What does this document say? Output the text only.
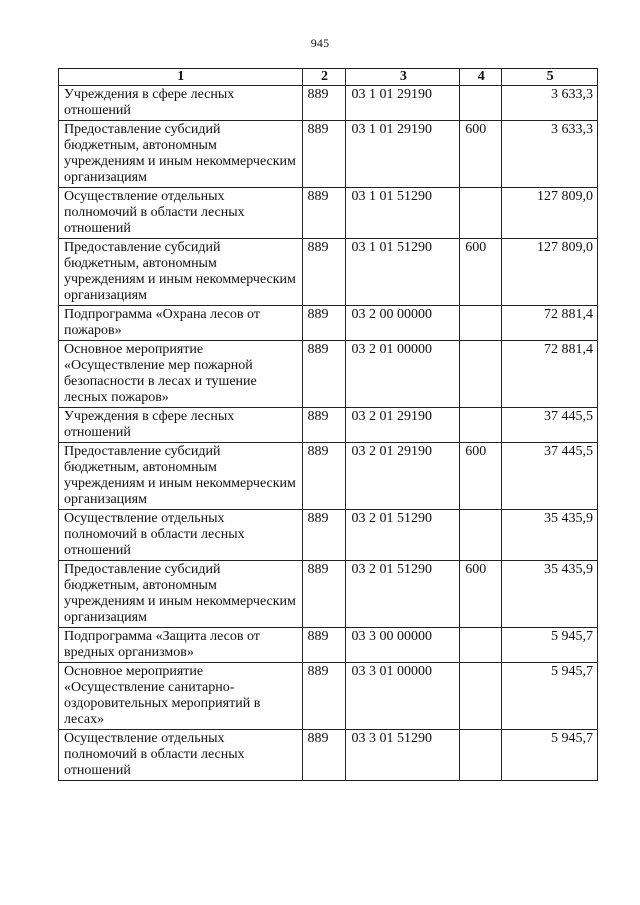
945
1	2	3	4	5
Учреждения в сфере лесных отношений	889	03 1 01 29190		3 633,3
Предоставление субсидий бюджетным, автономным учреждениям и иным некоммерческим организациям	889	03 1 01 29190	600	3 633,3
Осуществление отдельных полномочий в области лесных отношений	889	03 1 01 51290		127 809,0
Предоставление субсидий бюджетным, автономным учреждениям и иным некоммерческим организациям	889	03 1 01 51290	600	127 809,0
Подпрограмма «Охрана лесов от пожаров»	889	03 2 00 00000		72 881,4
Основное мероприятие «Осуществление мер пожарной безопасности в лесах и тушение лесных пожаров»	889	03 2 01 00000		72 881,4
Учреждения в сфере лесных отношений	889	03 2 01 29190		37 445,5
Предоставление субсидий бюджетным, автономным учреждениям и иным некоммерческим организациям	889	03 2 01 29190	600	37 445,5
Осуществление отдельных полномочий в области лесных отношений	889	03 2 01 51290		35 435,9
Предоставление субсидий бюджетным, автономным учреждениям и иным некоммерческим организациям	889	03 2 01 51290	600	35 435,9
Подпрограмма «Защита лесов от вредных организмов»	889	03 3 00 00000		5 945,7
Основное мероприятие «Осуществление санитарно-оздоровительных мероприятий в лесах»	889	03 3 01 00000		5 945,7
Осуществление отдельных полномочий в области лесных отношений	889	03 3 01 51290		5 945,7
